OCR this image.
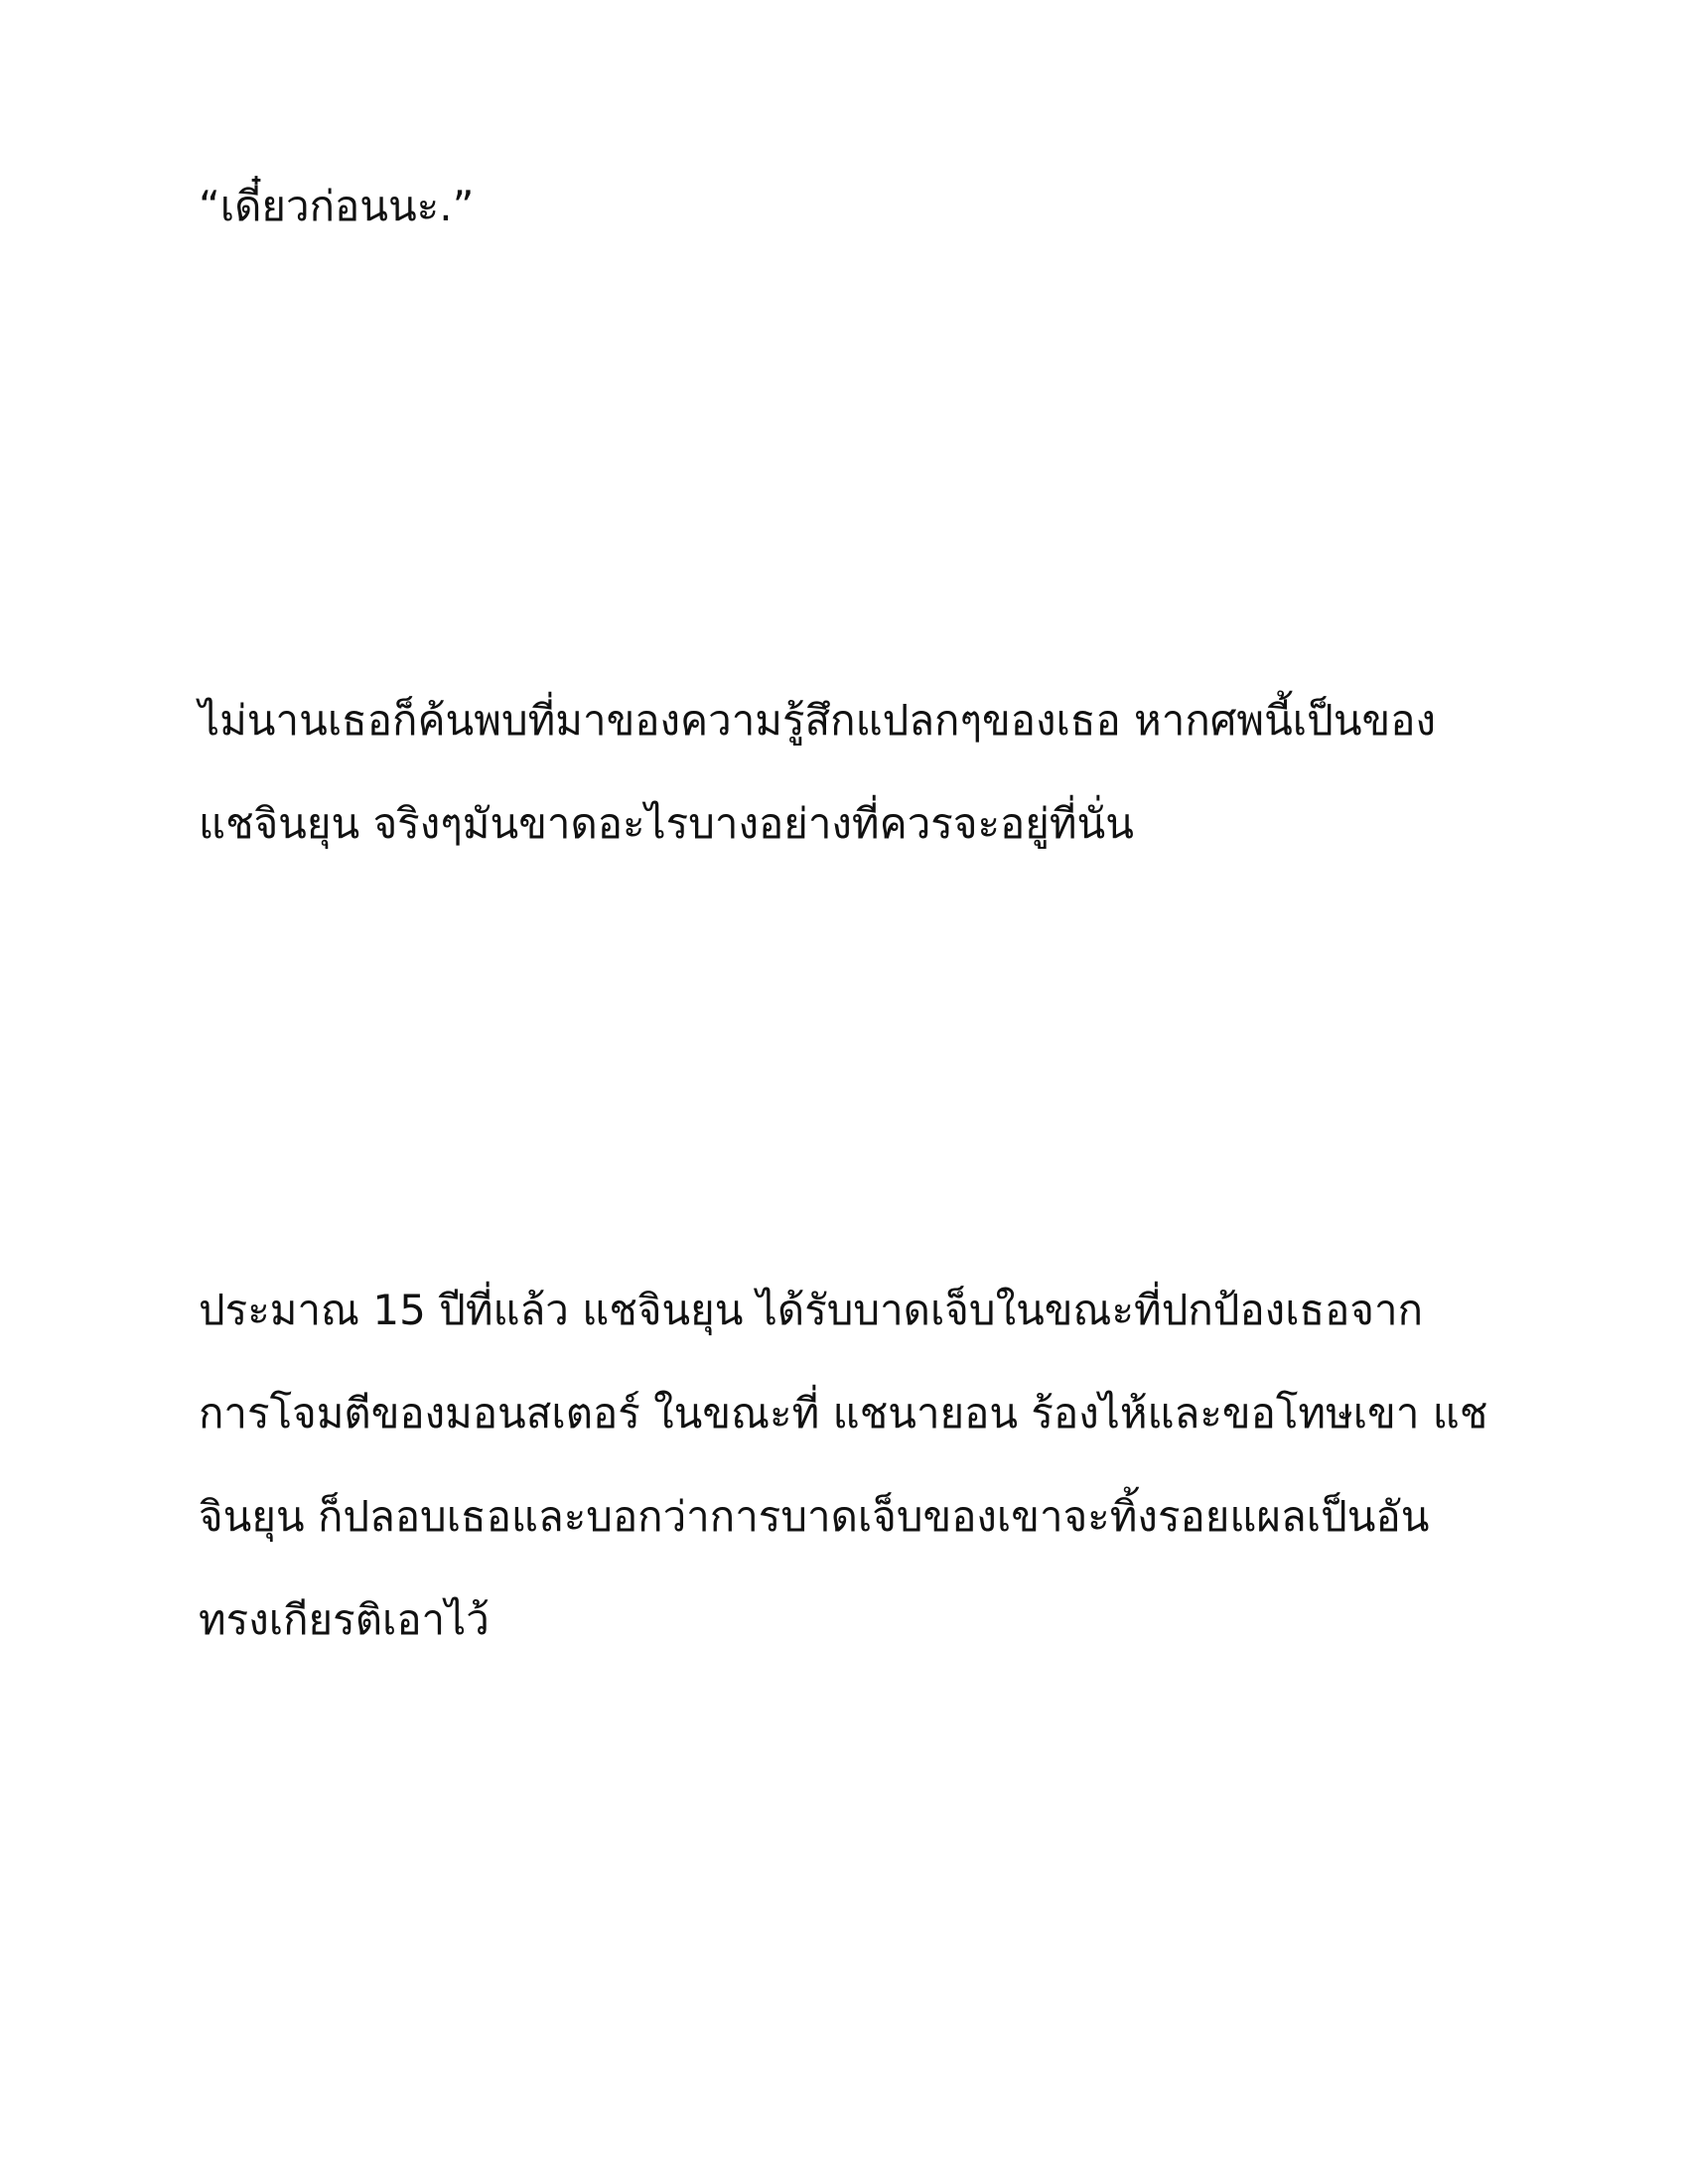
“เดี๋ยวก่อนนะ.”

ไม่นานเธอก็ค้นพบที่มาของความรู้สึกแปลกๆของเธอ หากศพนี้เป็นของ

แชจินยุน จริงๆมันขาดอะไรบางอย่างที่ควรจะอยู่ที่นั่น

ประมาณ 15 ปีที่แล้ว แชจินยุน ได้รับบาดเจ็บในขณะที่ปกป้องเธอจาก

การโจมตีของมอนสเตอร์ ในขณะที่ แชนายอน ร้องไห้และขอโทษเขา แช

จินยุน ก็ปลอบเธอและบอกว่าการบาดเจ็บของเขาจะทิ้งรอยแผลเป็นอัน

ทรงเกียรติเอาไว้
